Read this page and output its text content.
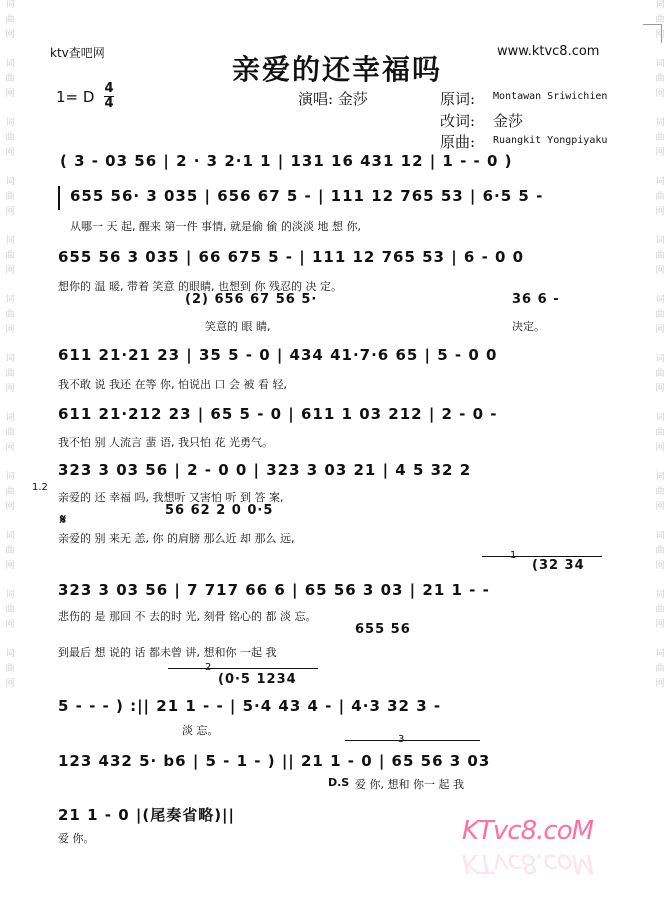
词
曲
网
词
曲
网
词
曲
网
词
曲
网
词
曲
网
词
曲
网
词
曲
网
词
曲
网
词
曲
网
词
曲
网
词
曲
网
词
曲
网
词
曲
网
词
曲
网
词
曲
网
词
曲
网
词
曲
网
词
曲
网
词
曲
网
词
曲
网
词
曲
网
词
曲
网
词
曲
网
词
曲
网
ktv查吧网	www.ktvc8.com
亲爱的还幸福吗
1= D 4
4	演唱: 金莎	原词: Montawan Sriwichien
改词: 金莎
原曲: Ruangkit Yongpiyaku
( 3 - 03 56 | 2 · 3 2·1 1 | 131 16 431 12 | 1 - - 0 )
655 56· 3 035 | 656 67 5 - | 111 12 765 53 | 6·5 5 -
从哪一 天 起, 醒来 第一件 事情, 就是偷 偷 的淡淡 地 想 你,
655 56 3 035 | 66 675 5 - | 111 12 765 53 | 6 - 0 0
想你的 温 暖, 带着 笑意 的眼睛, 也想到 你 残忍的 决 定。
(2) 656 67 56 5·
笑意的 眼 睛,
36 6 -
决定。
611 21·21 23 | 35 5 - 0 | 434 41·7·6 65 | 5 - 0 0
我不敢 说 我还 在等 你, 怕说出 口 会 被 看 轻,
611 21·212 23 | 65 5 - 0 | 611 1 03 212 | 2 - 0 -
我不怕 别 人流言 蜚 语, 我只怕 花 光勇气。
1.2
323 3 03 56 | 2 - 0 0 | 323 3 03 21 | 4 5 32 2
亲爱的 还 幸福 吗, 我想听 又害怕 听 到 答 案,
𝄋
56 62 2 0 0·5
亲爱的 别 来无 恙, 你 的肩膀 那么近 却 那么 远,
1
(32 34
323 3 03 56 | 7 717 66 6 | 65 56 3 03 | 21 1 - -
悲伤的 是 那回 不 去的时 光, 刻骨 铭心的 都 淡 忘。
655 56
到最后 想 说的 话 都未曾 讲, 想和你 一起 我
2
(0·5 1234
5 - - - ) :|| 21 1 - - | 5·4 43 4 - | 4·3 32 3 -
淡 忘。
3
123 432 5· b6 | 5 - 1 - ) || 21 1 - 0 | 65 56 3 03
D.S 爱 你, 想和 你一 起 我
21 1 - 0 |(尾奏省略)||
爱 你。	KTvc8.coM
KTvc8.coM
